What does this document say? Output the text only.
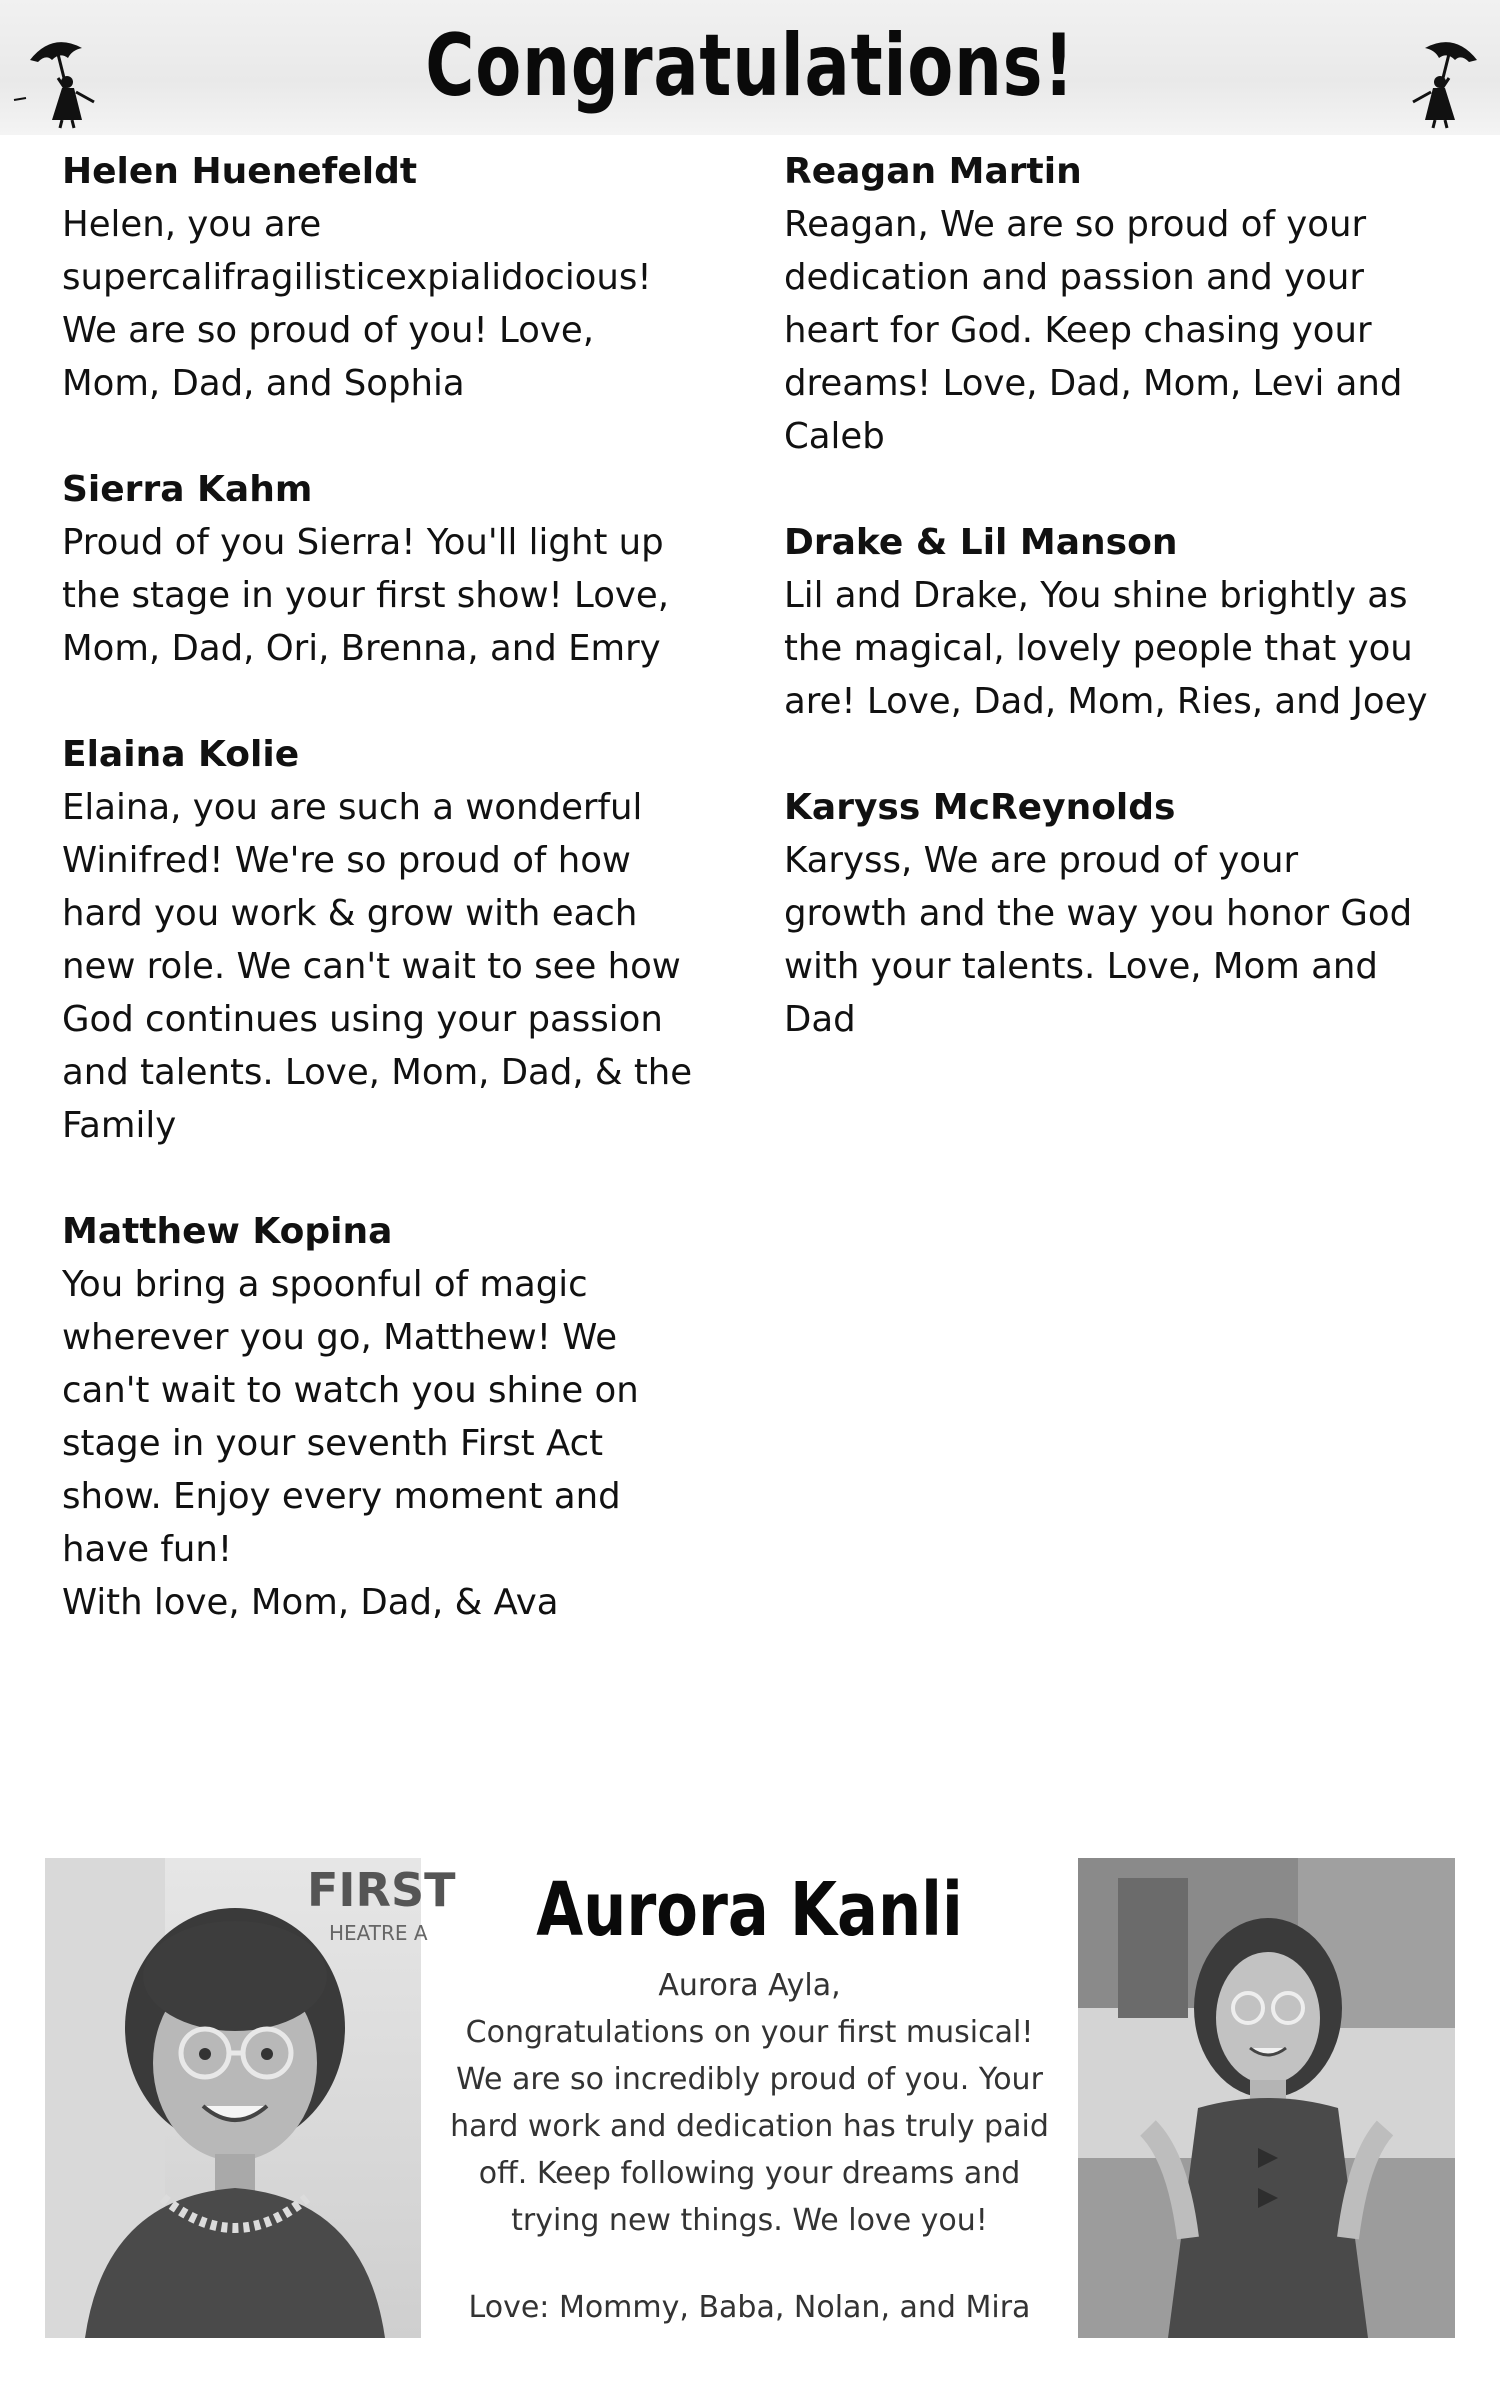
Congratulations!

Helen Huenefeldt

Helen, you are
supercalifragilisticexpialidocious!
We are so proud of you! Love,
Mom, Dad, and Sophia

Sierra Kahm

Proud of you Sierra! You'll light up
the stage in your first show! Love,
Mom, Dad, Ori, Brenna, and Emry

Elaina Kolie

Elaina, you are such a wonderful
Winifred! We're so proud of how
hard you work & grow with each
new role. We can't wait to see how
God continues using your passion
and talents. Love, Mom, Dad, & the
Family

Matthew Kopina

You bring a spoonful of magic
wherever you go, Matthew! We
can't wait to watch you shine on
stage in your seventh First Act
show. Enjoy every moment and
have fun!
With love, Mom, Dad, & Ava

Reagan Martin

Reagan, We are so proud of your
dedication and passion and your
heart for God. Keep chasing your
dreams! Love, Dad, Mom, Levi and
Caleb

Drake & Lil Manson

Lil and Drake, You shine brightly as
the magical, lovely people that you
are! Love, Dad, Mom, Ries, and Joey

Karyss McReynolds

Karyss, We are proud of your
growth and the way you honor God
with your talents. Love, Mom and
Dad

FIRST
HEATRE A	Aurora Kanli
Aurora Ayla,
Congratulations on your first musical!
We are so incredibly proud of you. Your
hard work and dedication has truly paid
off. Keep following your dreams and
trying new things. We love you!
Love: Mommy, Baba, Nolan, and Mira
